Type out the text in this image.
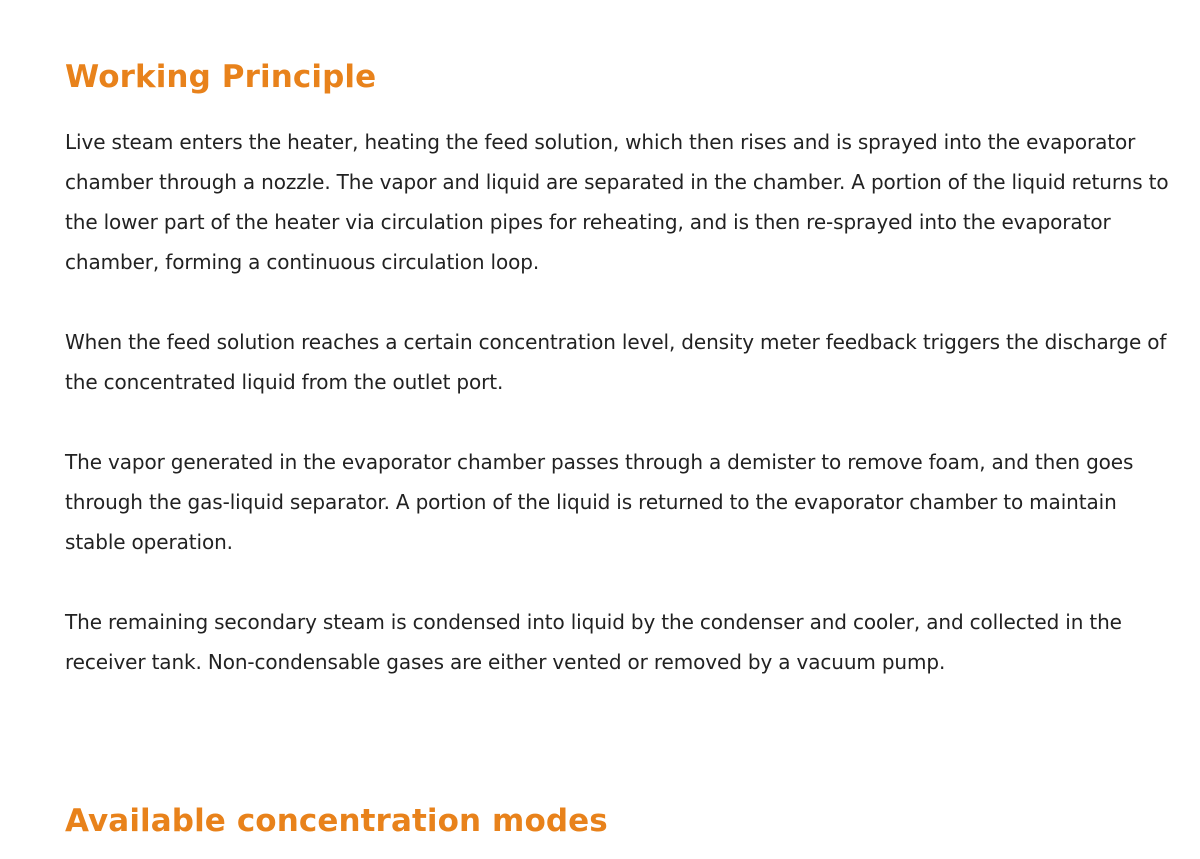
Working Principle

Live steam enters the heater, heating the feed solution, which then rises and is sprayed into the evaporator chamber through a nozzle. The vapor and liquid are separated in the chamber. A portion of the liquid returns to the lower part of the heater via circulation pipes for reheating, and is then re-sprayed into the evaporator chamber, forming a continuous circulation loop.

When the feed solution reaches a certain concentration level, density meter feedback triggers the discharge of the concentrated liquid from the outlet port.

The vapor generated in the evaporator chamber passes through a demister to remove foam, and then goes through the gas-liquid separator. A portion of the liquid is returned to the evaporator chamber to maintain stable operation.

The remaining secondary steam is condensed into liquid by the condenser and cooler, and collected in the receiver tank. Non-condensable gases are either vented or removed by a vacuum pump.

Available concentration modes
